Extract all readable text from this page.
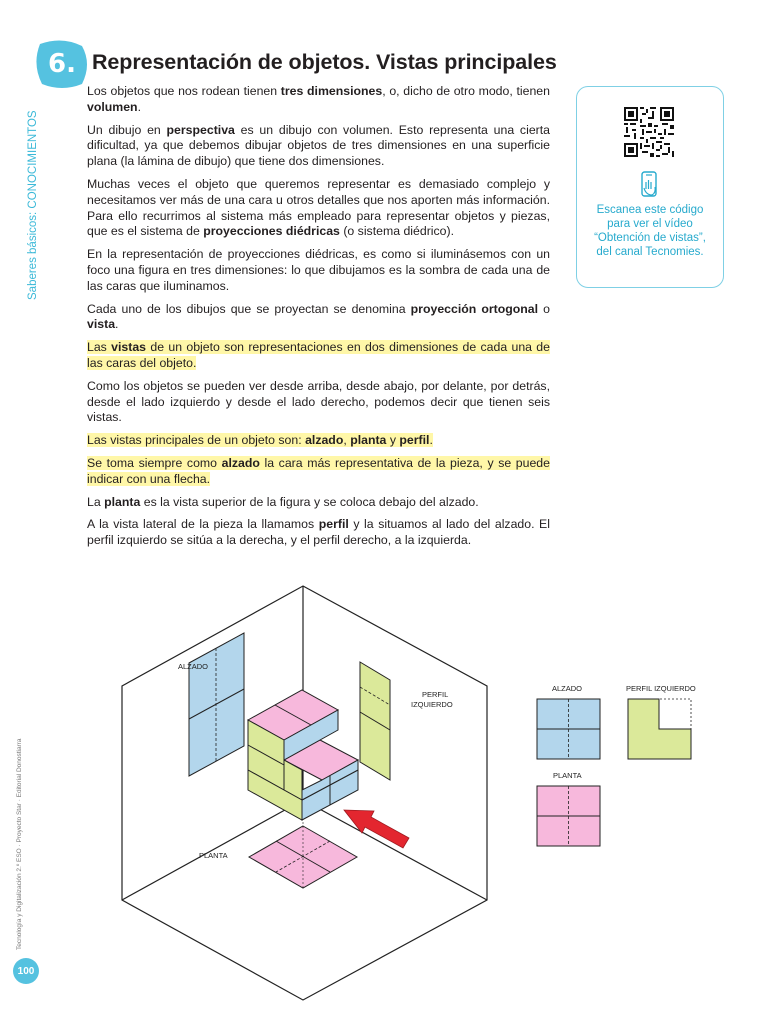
6. Representación de objetos. Vistas principales
Saberes básicos: CONOCIMIENTOS
Tecnología y Digitalización 2.º ESO · Proyecto Star · Editorial Donostiarra
100

Los objetos que nos rodean tienen tres dimensiones, o, dicho de otro modo, tienen volumen.

Un dibujo en perspectiva es un dibujo con volumen. Esto representa una cierta dificultad, ya que debemos dibujar objetos de tres dimensiones en una superficie plana (la lámina de dibujo) que tiene dos dimensiones.

Muchas veces el objeto que queremos representar es demasiado complejo y necesitamos ver más de una cara u otros detalles que nos aporten más información. Para ello recurrimos al sistema más empleado para representar objetos y piezas, que es el sistema de proyecciones diédricas (o sistema diédrico).

En la representación de proyecciones diédricas, es como si iluminásemos con un foco una figura en tres dimensiones: lo que dibujamos es la sombra de cada una de las caras que iluminamos.

Cada uno de los dibujos que se proyectan se denomina proyección ortogonal o vista.

Las vistas de un objeto son representaciones en dos dimensiones de cada una de las caras del objeto.

Como los objetos se pueden ver desde arriba, desde abajo, por delante, por detrás, desde el lado izquierdo y desde el lado derecho, podemos decir que tienen seis vistas.

Las vistas principales de un objeto son: alzado, planta y perfil.

Se toma siempre como alzado la cara más representativa de la pieza, y se puede indicar con una flecha.

La planta es la vista superior de la figura y se coloca debajo del alzado.

A la vista lateral de la pieza la llamamos perfil y la situamos al lado del alzado. El perfil izquierdo se sitúa a la derecha, y el perfil derecho, a la izquierda.

Escanea este código
para ver el vídeo
“Obtención de vistas”,
del canal Tecnomies.
ALZADO
PERFIL
IZQUIERDO
PLANTA
ALZADO	PERFIL IZQUIERDO
PLANTA
